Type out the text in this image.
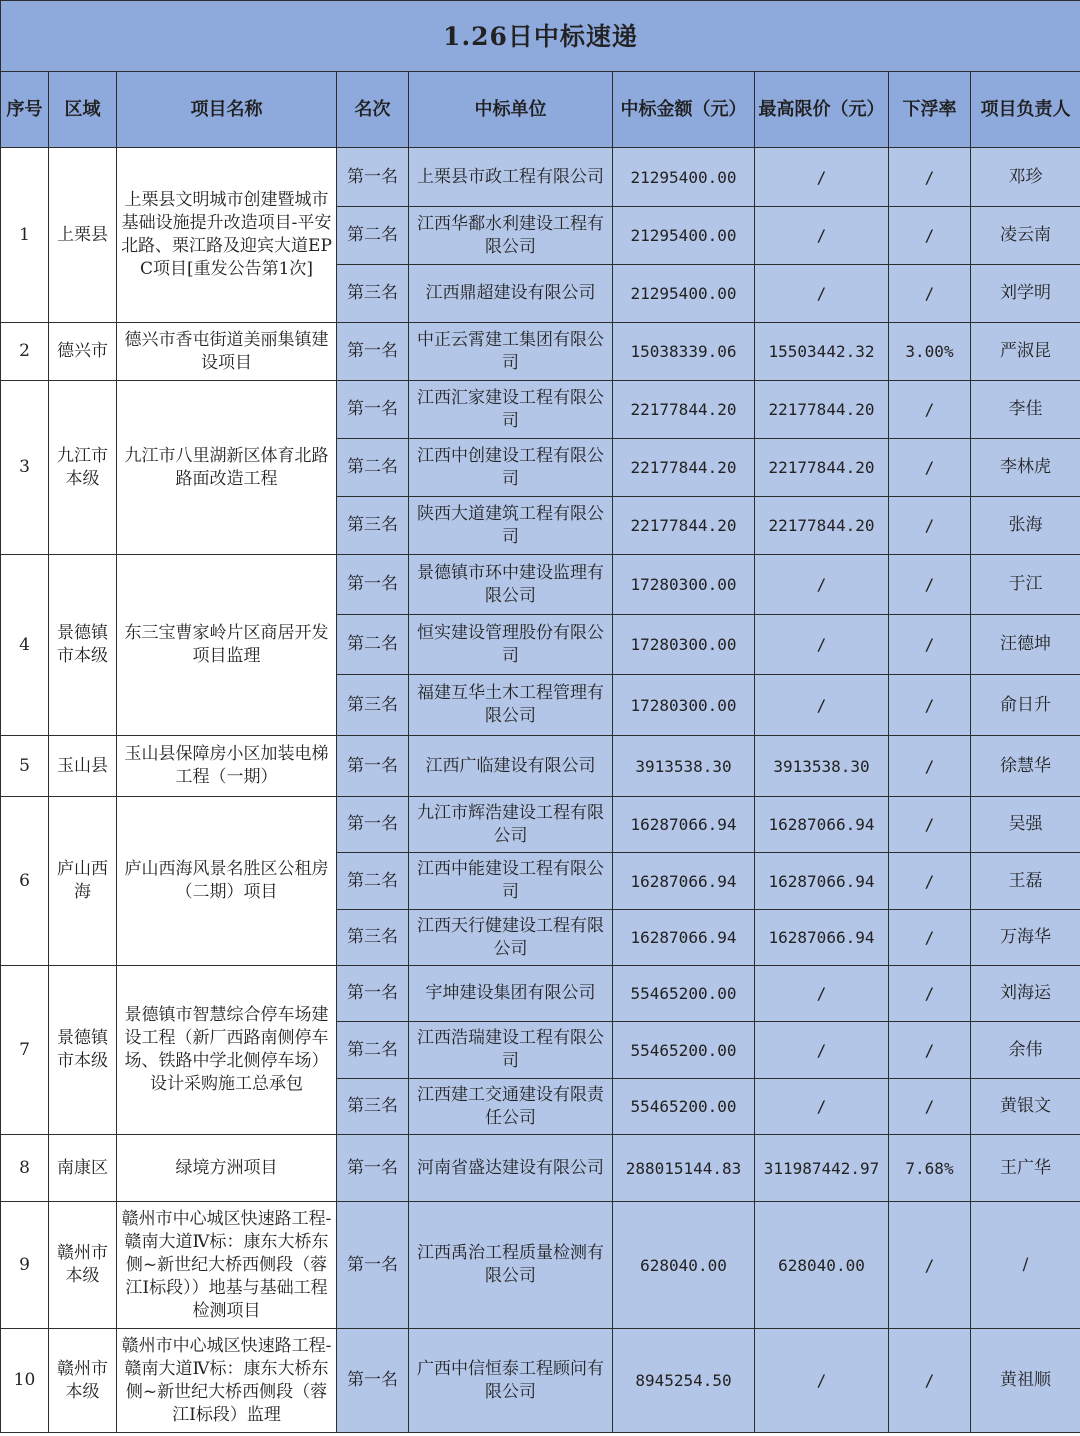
1.26日中标速递								
序号	区域	项目名称	名次	中标单位	中标金额（元）	最高限价（元）	下浮率	项目负责人
1	上栗县	上栗县文明城市创建暨城市基础设施提升改造项目-平安北路、栗江路及迎宾大道EPC项目[重发公告第1次]	第一名	上栗县市政工程有限公司	21295400.00	/	/	邓珍
			第二名	江西华鄱水利建设工程有限公司	21295400.00	/	/	凌云南
			第三名	江西鼎超建设有限公司	21295400.00	/	/	刘学明
2	德兴市	德兴市香屯街道美丽集镇建设项目	第一名	中正云霄建工集团有限公司	15038339.06	15503442.32	3.00%	严淑昆
3	九江市本级	九江市八里湖新区体育北路路面改造工程	第一名	江西汇家建设工程有限公司	22177844.20	22177844.20	/	李佳
			第二名	江西中创建设工程有限公司	22177844.20	22177844.20	/	李林虎
			第三名	陕西大道建筑工程有限公司	22177844.20	22177844.20	/	张海
4	景德镇市本级	东三宝曹家岭片区商居开发项目监理	第一名	景德镇市环中建设监理有限公司	17280300.00	/	/	于江
			第二名	恒实建设管理股份有限公司	17280300.00	/	/	汪德坤
			第三名	福建互华土木工程管理有限公司	17280300.00	/	/	俞日升
5	玉山县	玉山县保障房小区加装电梯工程（一期）	第一名	江西广临建设有限公司	3913538.30	3913538.30	/	徐慧华
6	庐山西海	庐山西海风景名胜区公租房（二期）项目	第一名	九江市辉浩建设工程有限公司	16287066.94	16287066.94	/	吴强
			第二名	江西中能建设工程有限公司	16287066.94	16287066.94	/	王磊
			第三名	江西天行健建设工程有限公司	16287066.94	16287066.94	/	万海华
7	景德镇市本级	景德镇市智慧综合停车场建设工程（新厂西路南侧停车场、铁路中学北侧停车场）设计采购施工总承包	第一名	宇坤建设集团有限公司	55465200.00	/	/	刘海运
			第二名	江西浩瑞建设工程有限公司	55465200.00	/	/	余伟
			第三名	江西建工交通建设有限责任公司	55465200.00	/	/	黄银文
8	南康区	绿境方洲项目	第一名	河南省盛达建设有限公司	288015144.83	311987442.97	7.68%	王广华
9	赣州市本级	赣州市中心城区快速路工程-赣南大道Ⅳ标：康东大桥东侧~新世纪大桥西侧段（蓉江Ⅰ标段））地基与基础工程检测项目	第一名	江西禹治工程质量检测有限公司	628040.00	628040.00	/	/
10	赣州市本级	赣州市中心城区快速路工程-赣南大道Ⅳ标：康东大桥东侧~新世纪大桥西侧段（蓉江Ⅰ标段）监理	第一名	广西中信恒泰工程顾问有限公司	8945254.50	/	/	黄祖顺
